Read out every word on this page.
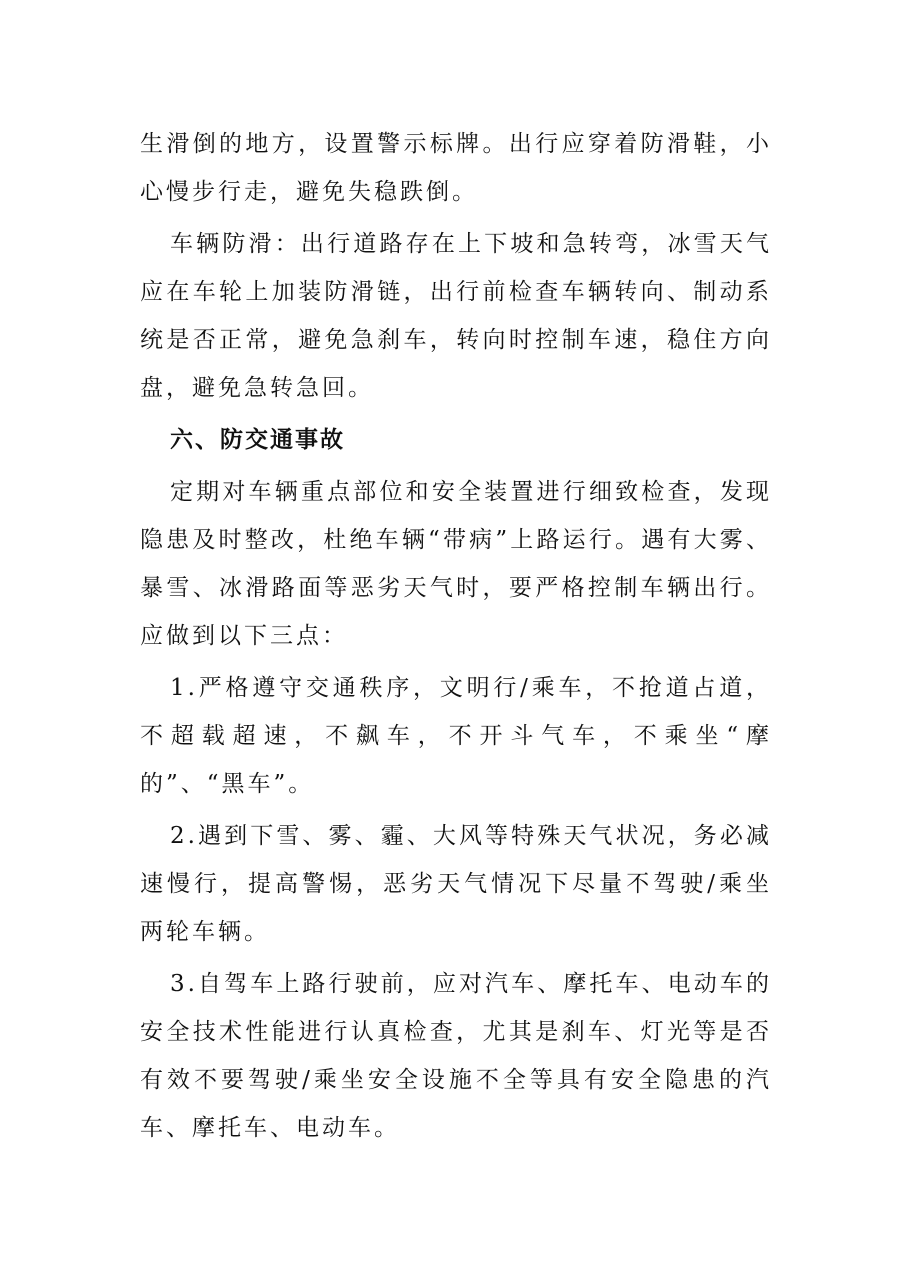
生滑倒的地方，设置警示标牌。出行应穿着防滑鞋，小心慢步行走，避免失稳跌倒。

车辆防滑：出行道路存在上下坡和急转弯，冰雪天气应在车轮上加装防滑链，出行前检查车辆转向、制动系统是否正常，避免急刹车，转向时控制车速，稳住方向盘，避免急转急回。

六、防交通事故

定期对车辆重点部位和安全装置进行细致检查，发现隐患及时整改，杜绝车辆“带病”上路运行。遇有大雾、暴雪、冰滑路面等恶劣天气时，要严格控制车辆出行。应做到以下三点：

1.严格遵守交通秩序，文明行/乘车，不抢道占道，不超载超速，不飙车，不开斗气车，不乘坐“摩的”、“黑车”。

2.遇到下雪、雾、霾、大风等特殊天气状况，务必减速慢行，提高警惕，恶劣天气情况下尽量不驾驶/乘坐两轮车辆。

3.自驾车上路行驶前，应对汽车、摩托车、电动车的安全技术性能进行认真检查，尤其是刹车、灯光等是否有效不要驾驶/乘坐安全设施不全等具有安全隐患的汽车、摩托车、电动车。
